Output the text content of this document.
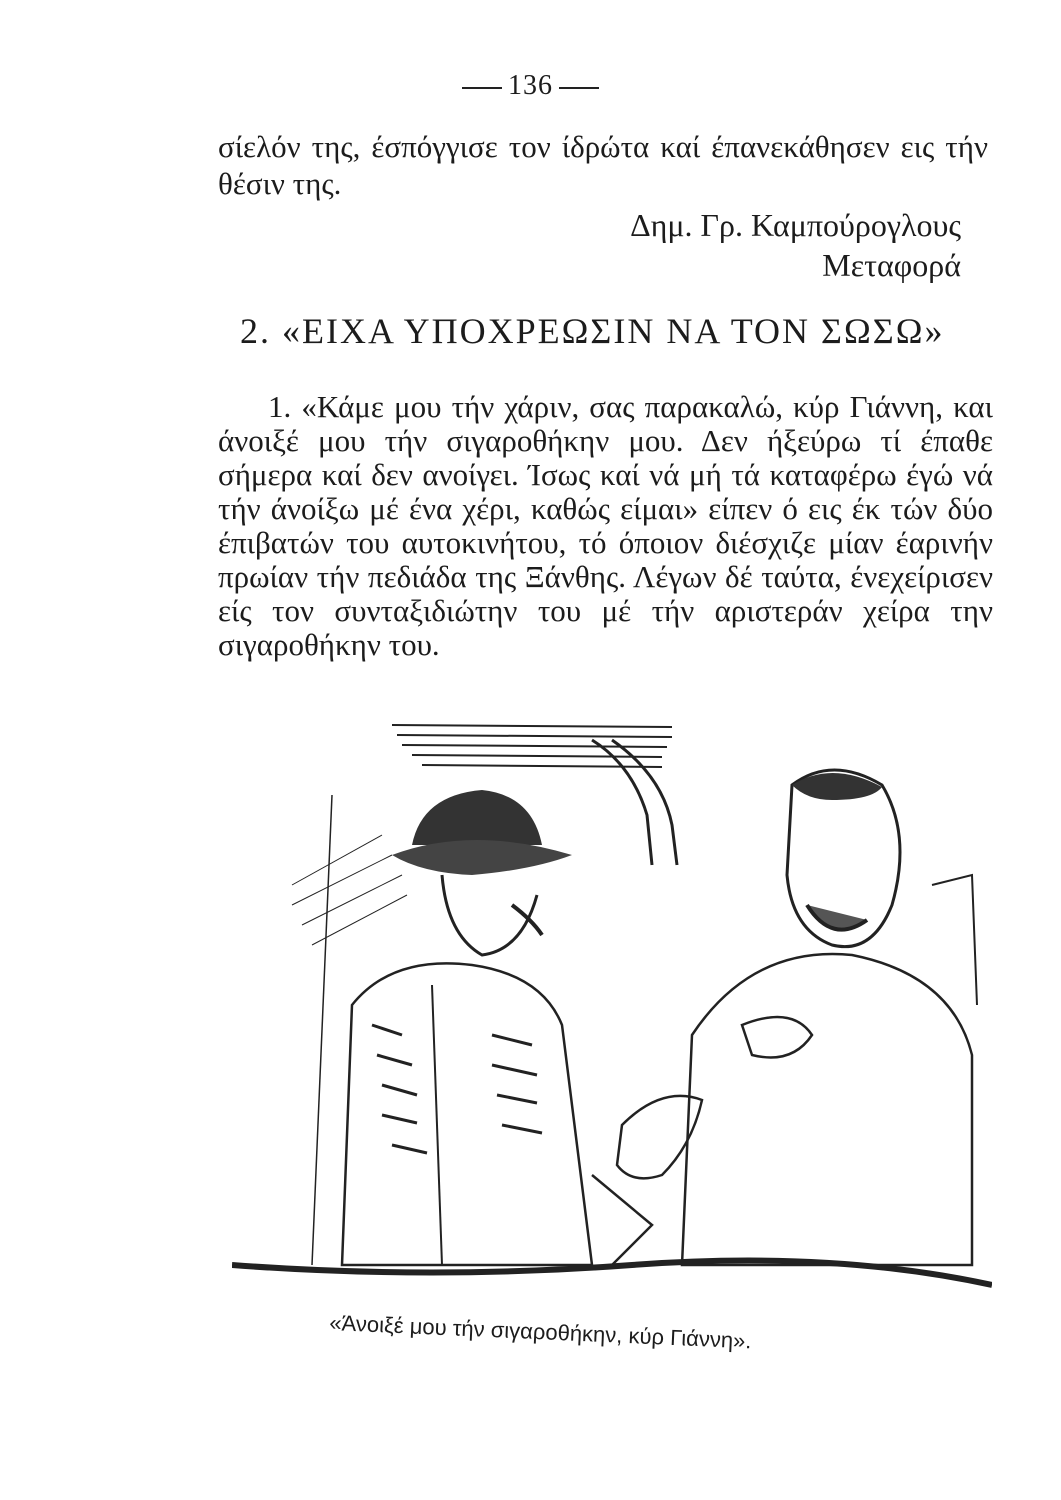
136
σίελόν της, έσπόγγισε τον ίδρώτα καί έπανεκάθησεν εις τήν θέσιν της.
Δημ. Γρ. Καμπούρογλους
Μεταφορά
2. «ΕΙΧΑ ΥΠΟΧΡΕΩΣΙΝ ΝΑ ΤΟΝ ΣΩΣΩ»
1. «Κάμε μου τήν χάριν, σας παρακαλώ, κύρ Γιάννη, και άνοιξέ μου τήν σιγαροθήκην μου. Δεν ήξεύρω τί έπαθε σήμερα καί δεν ανοίγει. Ίσως καί νά μή τά καταφέρω έγώ νά τήν άνοίξω μέ ένα χέρι, καθώς είμαι» είπεν ό εις έκ τών δύο έπιβατών του αυτοκινήτου, τό όποιον διέσχιζε μίαν έαρινήν πρωίαν τήν πεδιάδα της Ξάνθης. Λέγων δέ ταύτα, ένεχείρισεν είς τον συνταξιδιώτην του μέ τήν αριστεράν χείρα την σιγαροθήκην του.
«Άνοιξέ μου τήν σιγαροθήκην, κύρ Γιάννη».
